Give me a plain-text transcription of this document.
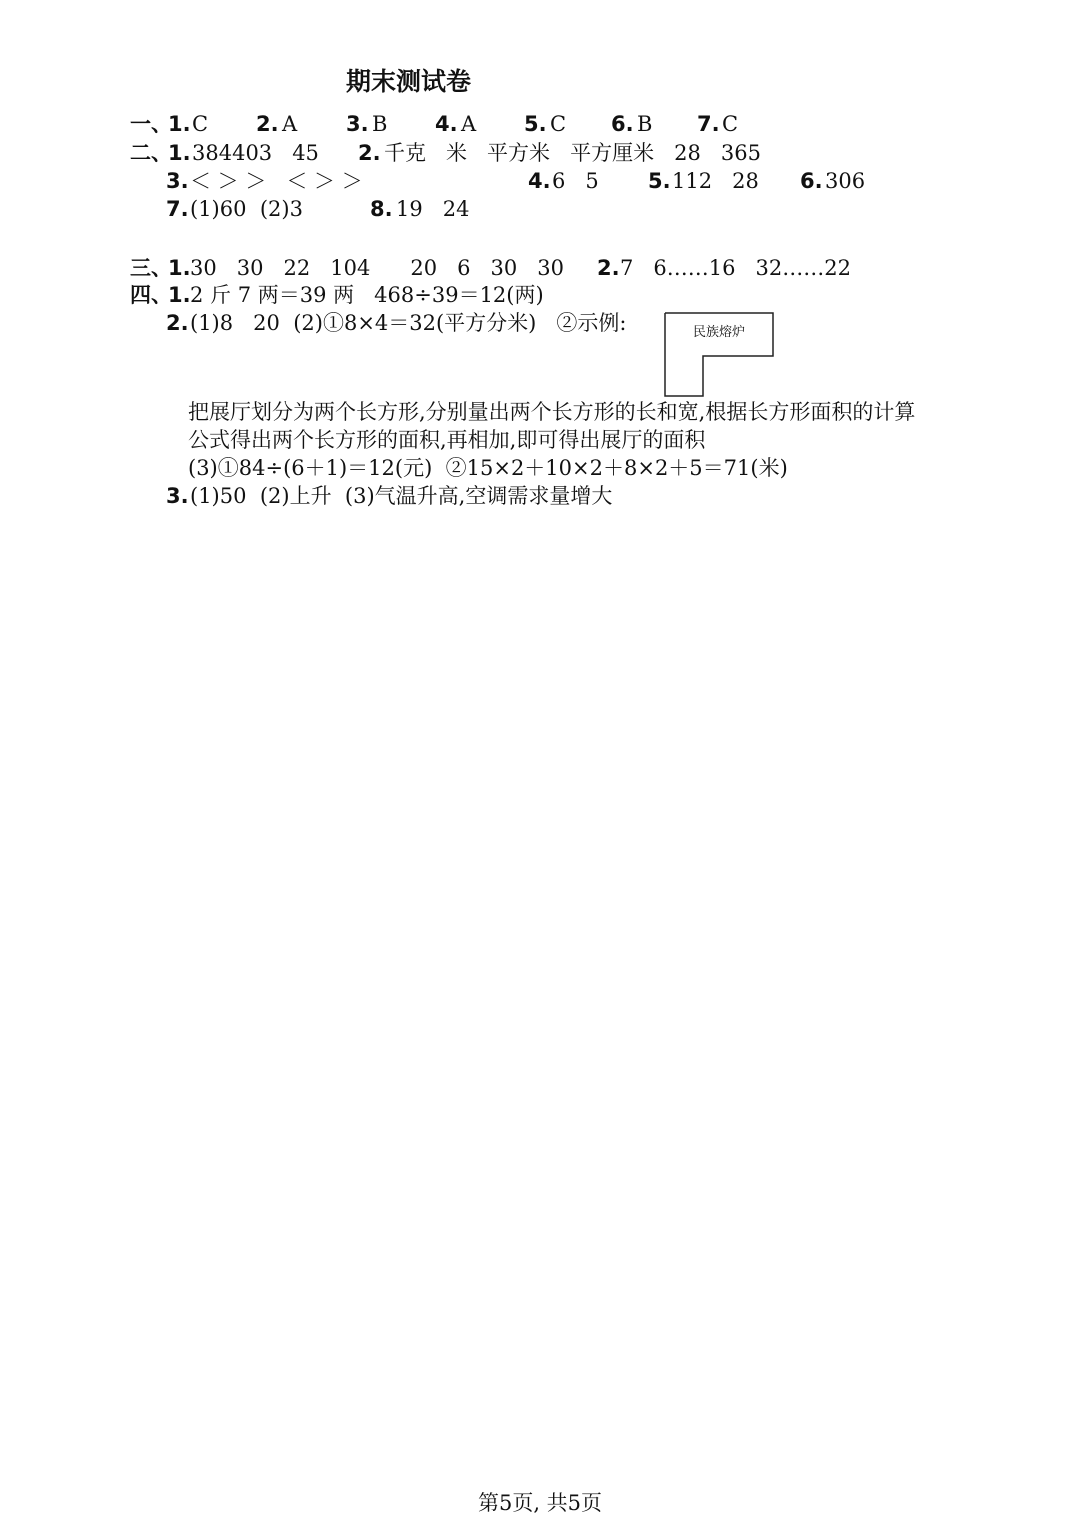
期末测试卷
一、
1. C 2. A 3. B 4. A 5. C 6. B 7. C
二、
1. 384403   45 2. 千克   米   平方米   平方厘米   28   365
3. ＜ ＞ ＞   ＜ ＞ ＞	4. 6   5 5. 112   28 6. 306
7. (1)60  (2)3	8. 19   24
三、
1. 30   30   22   104      20   6   30   30 2. 7   6……16   32……22
四、
1. 2 斤 7 两＝39 两   468÷39＝12(两)
2. (1)8   20  (2)①8×4＝32(平方分米)   ②示例:	民族熔炉
把展厅划分为两个长方形,分别量出两个长方形的长和宽,根据长方形面积的计算
公式得出两个长方形的面积,再相加,即可得出展厅的面积
(3)①84÷(6＋1)＝12(元)  ②15×2＋10×2＋8×2＋5＝71(米)
3. (1)50  (2)上升  (3)气温升高,空调需求量增大
第5页, 共5页
